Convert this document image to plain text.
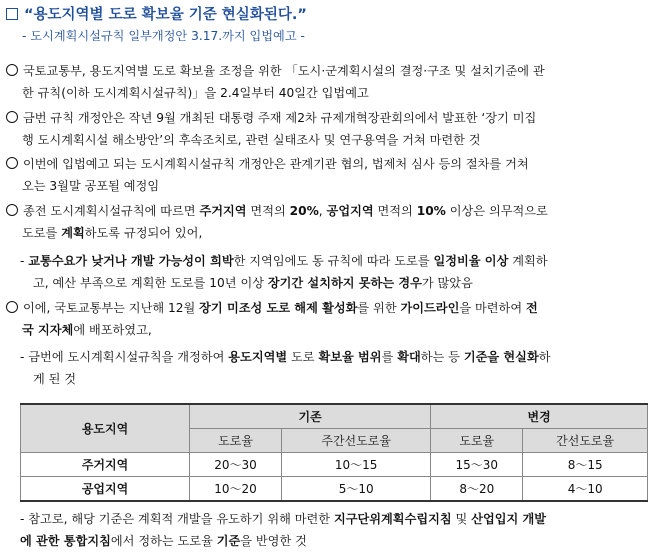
“용도지역별 도로 확보율 기준 현실화된다.”
- 도시계획시설규칙 일부개정안 3.17.까지 입법예고 -
국토교통부, 용도지역별 도로 확보율 조정을 위한 「도시·군계획시설의 결정·구조 및 설치기준에 관
한 규칙(이하 도시계획시설규칙)」을 2.4일부터 40일간 입법예고
금번 규칙 개정안은 작년 9월 개최된 대통령 주재 제2차 규제개혁장관회의에서 발표한 ‘장기 미집
행 도시계획시설 해소방안’의 후속조치로, 관련 실태조사 및 연구용역을 거쳐 마련한 것
이번에 입법예고 되는 도시계획시설규칙 개정안은 관계기관 협의, 법제처 심사 등의 절차를 거쳐
오는 3월말 공포될 예정임
종전 도시계획시설규칙에 따르면 주거지역 면적의 20%, 공업지역 면적의 10% 이상은 의무적으로
도로를 계획하도록 규정되어 있어,
- 교통수요가 낮거나 개발 가능성이 희박한 지역임에도 동 규칙에 따라 도로를 일정비율 이상 계획하
고, 예산 부족으로 계획한 도로를 10년 이상 장기간 설치하지 못하는 경우가 많았음
이에, 국토교통부는 지난해 12월 장기 미조성 도로 해제 활성화를 위한 가이드라인을 마련하여 전
국 지자체에 배포하였고,
- 금번에 도시계획시설규칙을 개정하여 용도지역별 도로 확보율 범위를 확대하는 등 기준을 현실화하
게 된 것
용도지역	기존		변경	
	도로율	주간선도로율	도로율	간선도로율
주거지역	20～30	10～15	15～30	8～15
공업지역	10～20	5～10	8～20	4～10
- 참고로, 해당 기준은 계획적 개발을 유도하기 위해 마련한 지구단위계획수립지침 및 산업입지 개발
에 관한 통합지침에서 정하는 도로율 기준을 반영한 것
